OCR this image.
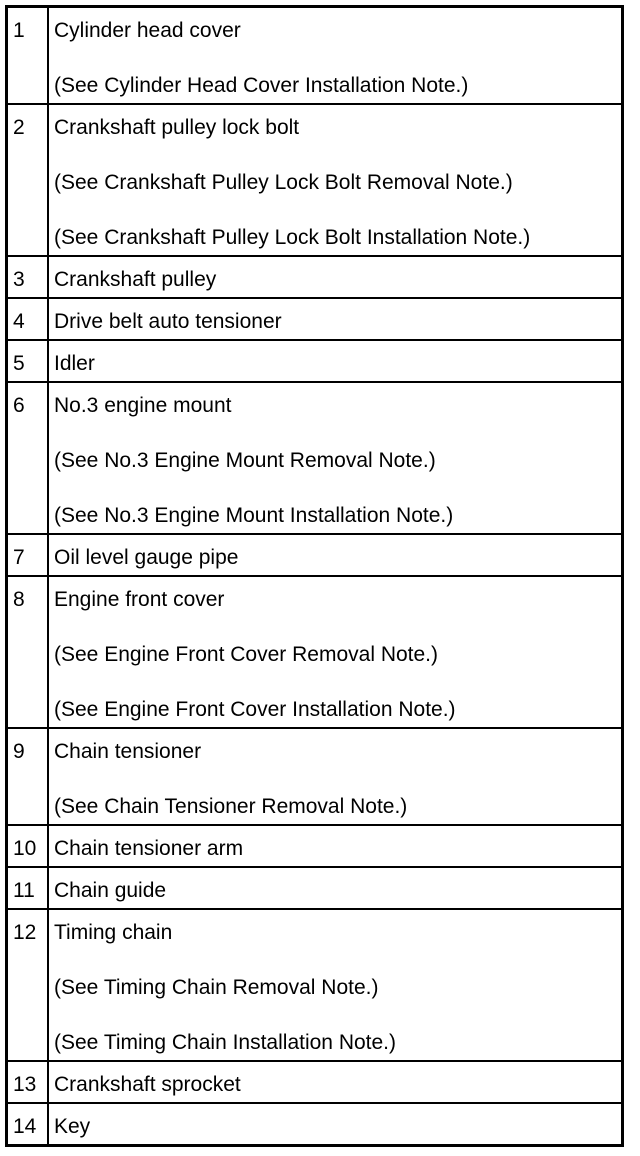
1	Cylinder head cover
(See Cylinder Head Cover Installation Note.)

2	Crankshaft pulley lock bolt
(See Crankshaft Pulley Lock Bolt Removal Note.)
(See Crankshaft Pulley Lock Bolt Installation Note.)

3	Crankshaft pulley

4	Drive belt auto tensioner

5	Idler

6	No.3 engine mount
(See No.3 Engine Mount Removal Note.)
(See No.3 Engine Mount Installation Note.)

7	Oil level gauge pipe

8	Engine front cover
(See Engine Front Cover Removal Note.)
(See Engine Front Cover Installation Note.)

9	Chain tensioner
(See Chain Tensioner Removal Note.)

10	Chain tensioner arm

11	Chain guide

12	Timing chain
(See Timing Chain Removal Note.)
(See Timing Chain Installation Note.)

13	Crankshaft sprocket

14	Key
